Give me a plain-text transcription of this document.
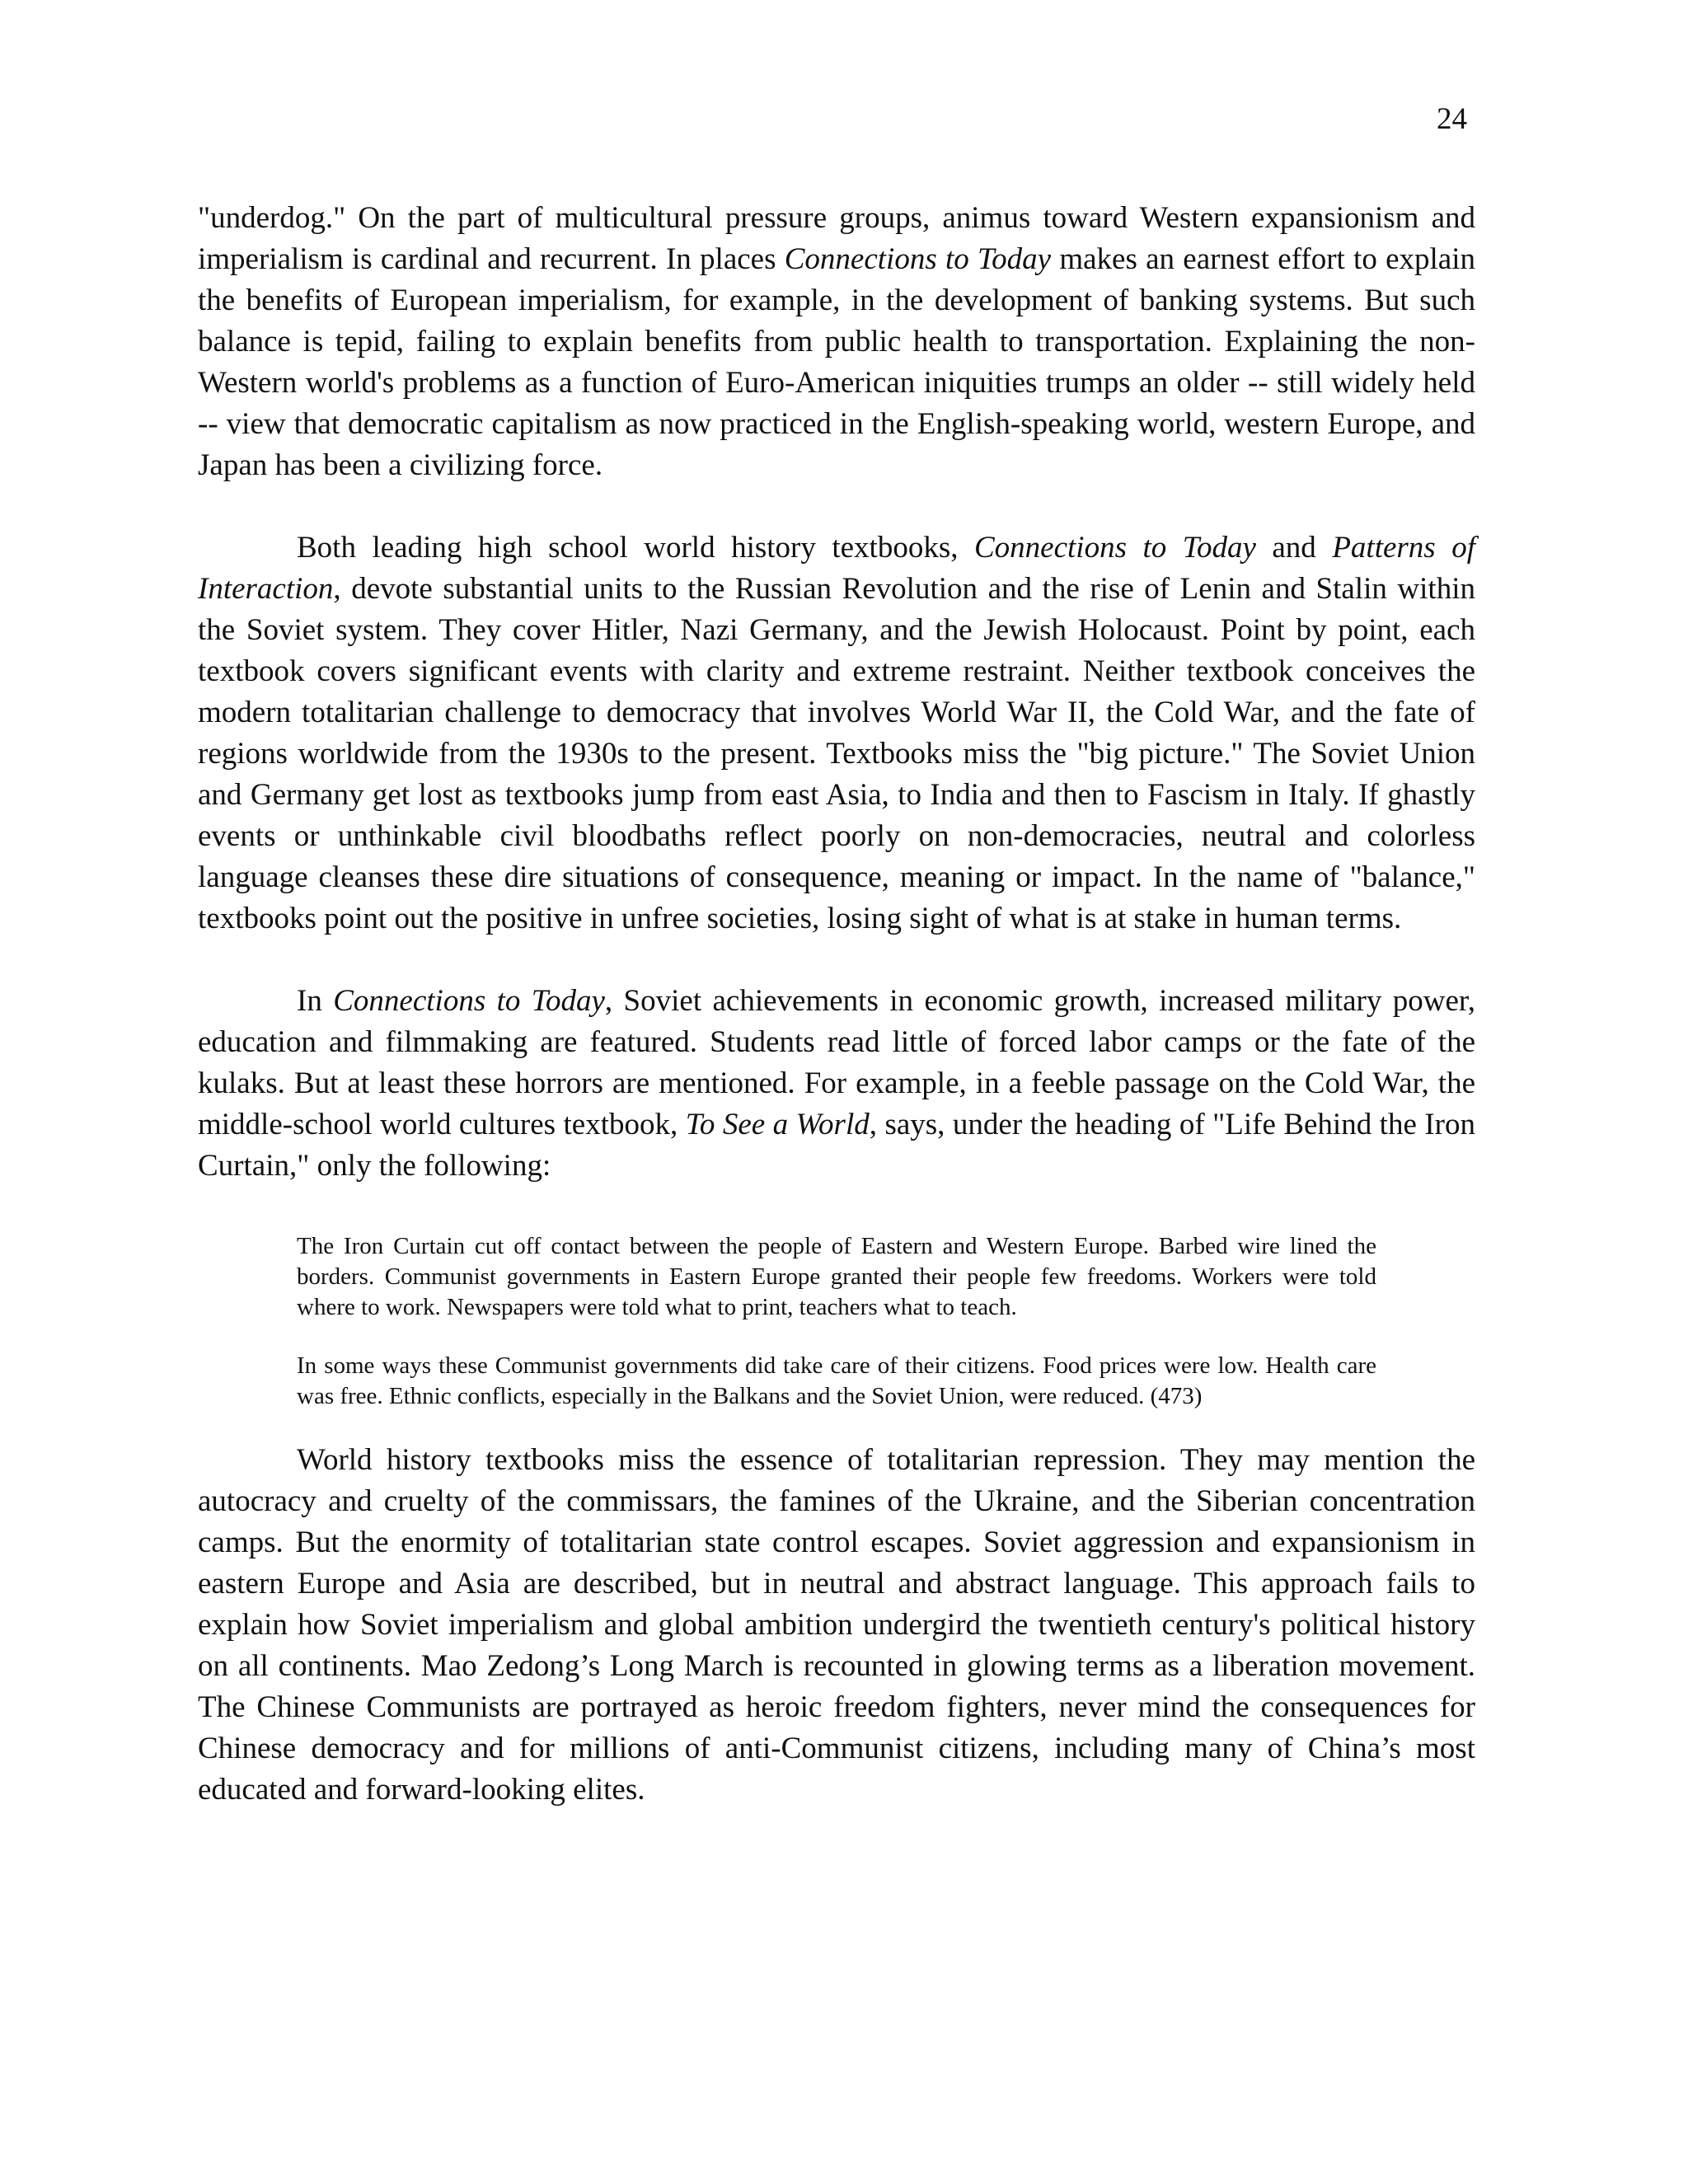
24

"underdog." On the part of multicultural pressure groups, animus toward Western expansionism and imperialism is cardinal and recurrent. In places Connections to Today makes an earnest effort to explain the benefits of European imperialism, for example, in the development of banking systems. But such balance is tepid, failing to explain benefits from public health to transportation. Explaining the non-Western world's problems as a function of Euro-American iniquities trumps an older -- still widely held -- view that democratic capitalism as now practiced in the English-speaking world, western Europe, and Japan has been a civilizing force.

Both leading high school world history textbooks, Connections to Today and Patterns of Interaction, devote substantial units to the Russian Revolution and the rise of Lenin and Stalin within the Soviet system. They cover Hitler, Nazi Germany, and the Jewish Holocaust. Point by point, each textbook covers significant events with clarity and extreme restraint. Neither textbook conceives the modern totalitarian challenge to democracy that involves World War II, the Cold War, and the fate of regions worldwide from the 1930s to the present. Textbooks miss the "big picture." The Soviet Union and Germany get lost as textbooks jump from east Asia, to India and then to Fascism in Italy. If ghastly events or unthinkable civil bloodbaths reflect poorly on non-democracies, neutral and colorless language cleanses these dire situations of consequence, meaning or impact. In the name of "balance," textbooks point out the positive in unfree societies, losing sight of what is at stake in human terms.

In Connections to Today, Soviet achievements in economic growth, increased military power, education and filmmaking are featured. Students read little of forced labor camps or the fate of the kulaks. But at least these horrors are mentioned. For example, in a feeble passage on the Cold War, the middle-school world cultures textbook, To See a World, says, under the heading of "Life Behind the Iron Curtain," only the following:

The Iron Curtain cut off contact between the people of Eastern and Western Europe. Barbed wire lined the borders. Communist governments in Eastern Europe granted their people few freedoms. Workers were told where to work. Newspapers were told what to print, teachers what to teach.

In some ways these Communist governments did take care of their citizens. Food prices were low. Health care was free. Ethnic conflicts, especially in the Balkans and the Soviet Union, were reduced. (473)

World history textbooks miss the essence of totalitarian repression. They may mention the autocracy and cruelty of the commissars, the famines of the Ukraine, and the Siberian concentration camps. But the enormity of totalitarian state control escapes. Soviet aggression and expansionism in eastern Europe and Asia are described, but in neutral and abstract language. This approach fails to explain how Soviet imperialism and global ambition undergird the twentieth century's political history on all continents. Mao Zedong’s Long March is recounted in glowing terms as a liberation movement. The Chinese Communists are portrayed as heroic freedom fighters, never mind the consequences for Chinese democracy and for millions of anti-Communist citizens, including many of China’s most educated and forward-looking elites.
